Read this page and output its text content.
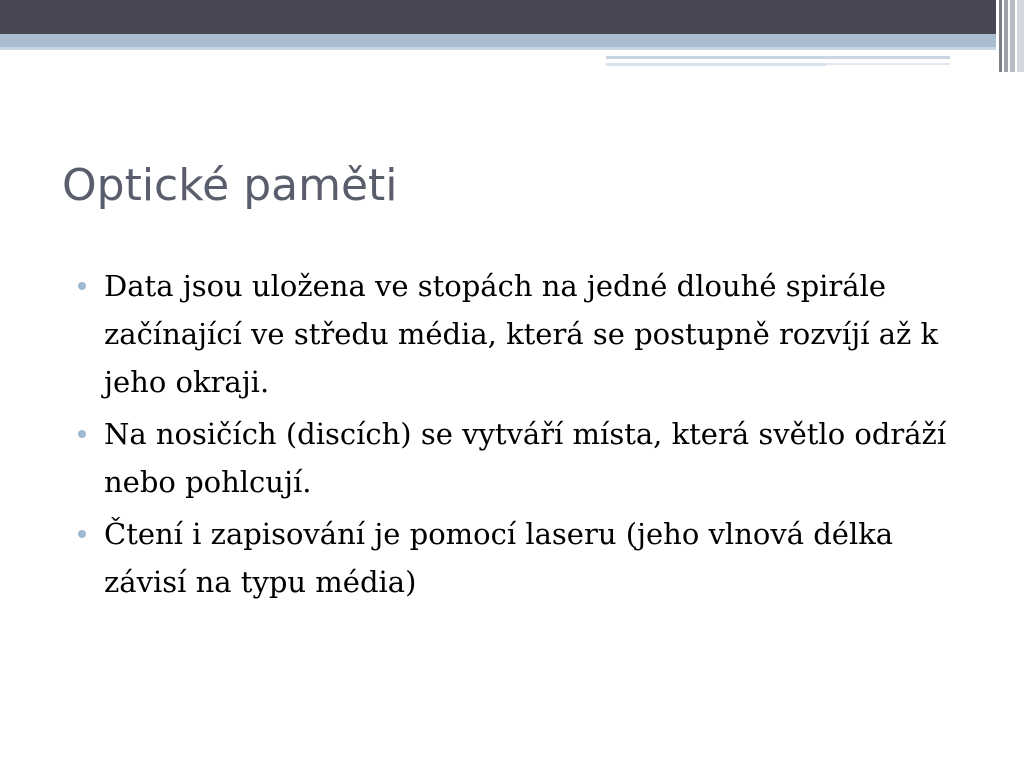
Optické paměti
Data jsou uložena ve stopách na jedné dlouhé spirále začínající ve středu média, která se postupně rozvíjí až k jeho okraji.
Na nosičích (discích) se vytváří místa, která světlo odráží nebo pohlcují.
Čtení i zapisování je pomocí laseru (jeho vlnová délka závisí na typu média)
